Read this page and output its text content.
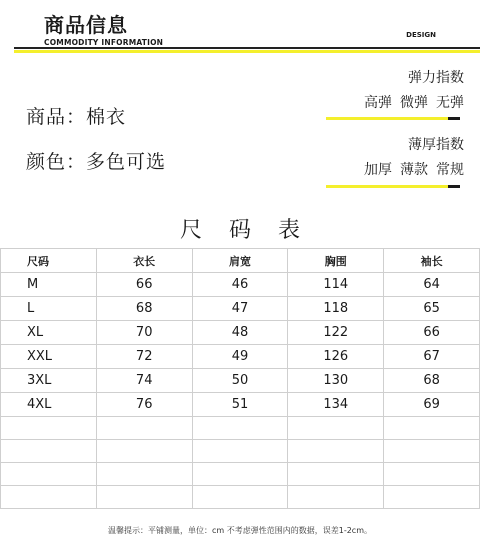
商品信息
COMMODITY INFORMATION
DESIGN
商品：棉衣
颜色：多色可选
弹力指数
高弹 微弹 无弹
薄厚指数
加厚 薄款 常规
尺 码 表
尺码	衣长	肩宽	胸围	袖长
M	66	46	114	64
L	68	47	118	65
XL	70	48	122	66
XXL	72	49	126	67
3XL	74	50	130	68
4XL	76	51	134	69

温馨提示：平铺测量，单位：cm 不考虑弹性范围内的数据，误差1-2cm。
